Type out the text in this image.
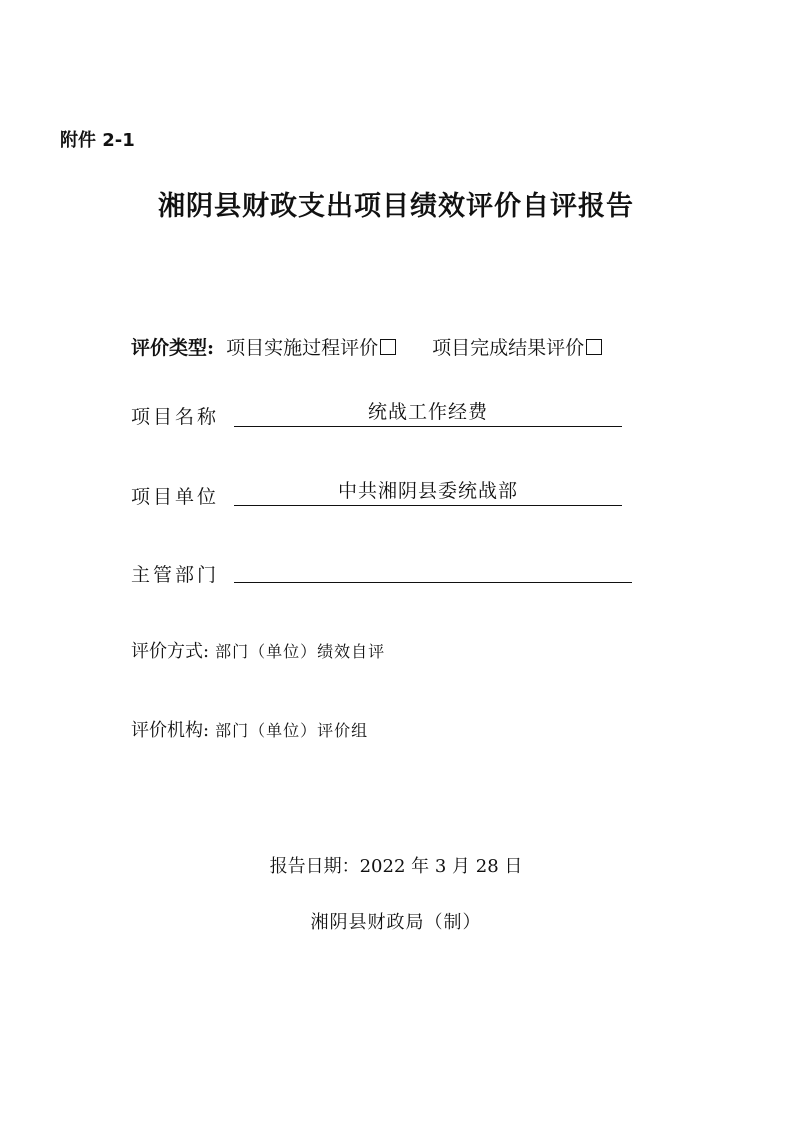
附件 2-1
湘阴县财政支出项目绩效评价自评报告
评价类型: 项目实施过程评价	项目完成结果评价
项目名称	统战工作经费
项目单位	中共湘阴县委统战部
主管部门
评价方式: 部门（单位）绩效自评
评价机构: 部门（单位）评价组
报告日期：2022 年 3 月 28 日
湘阴县财政局（制）
